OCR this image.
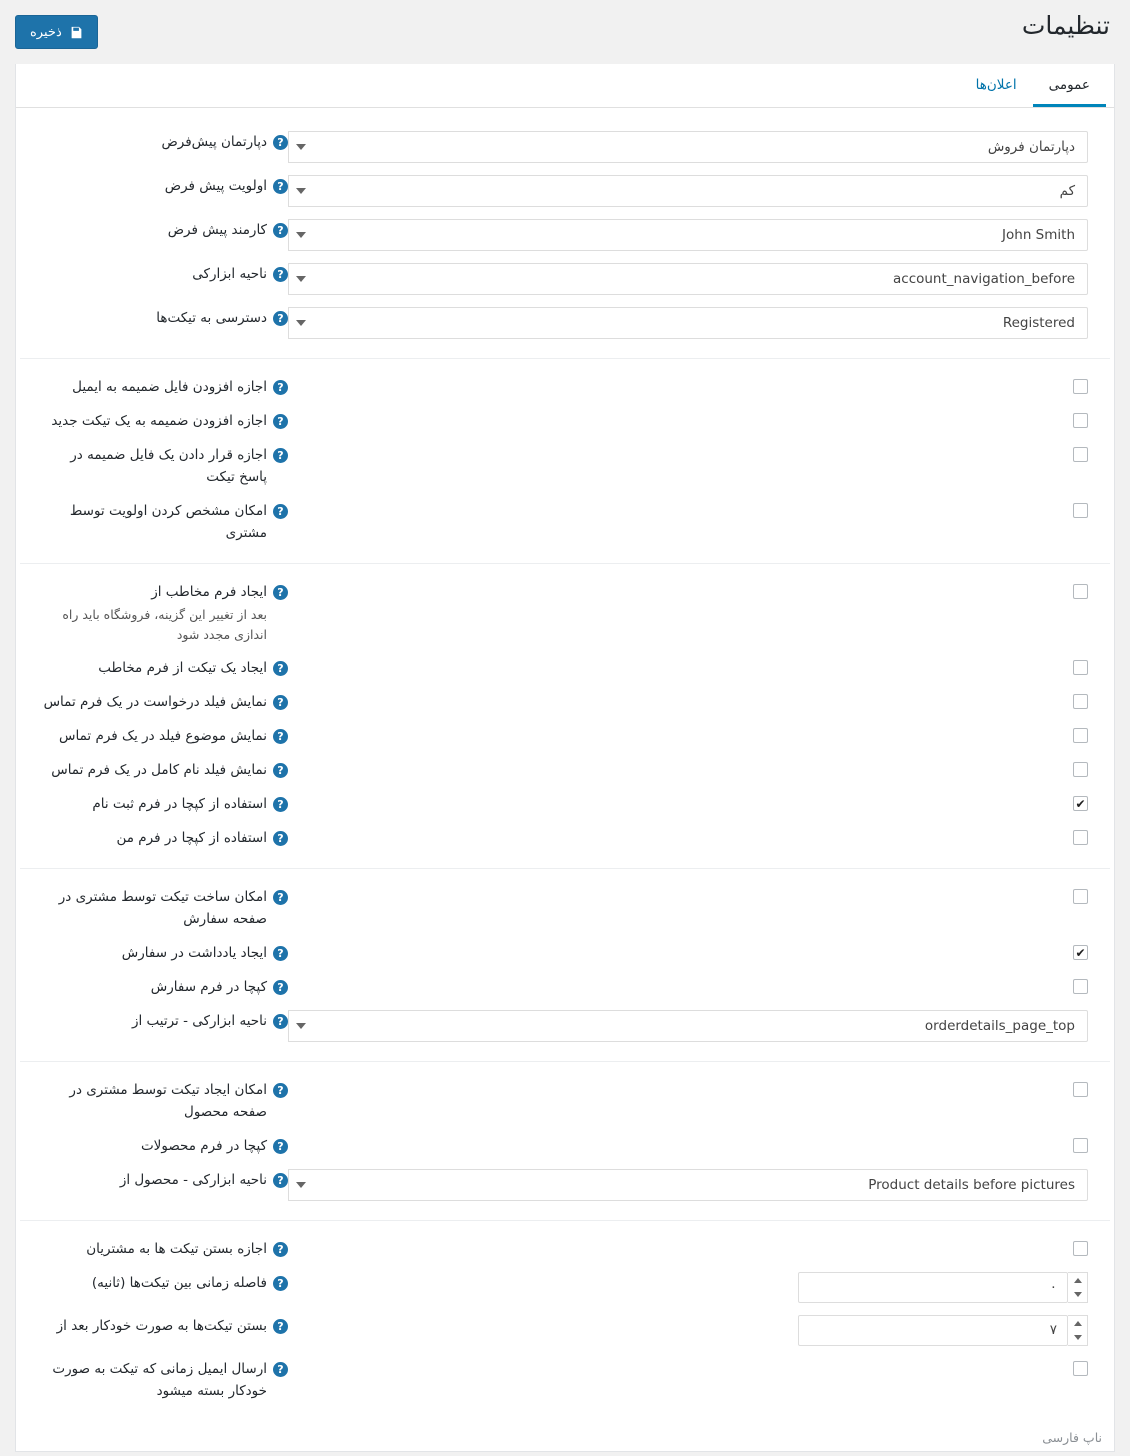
تنظیمات
ذخیره
عمومی
اعلان‌ها
دپارتمان فروش
?
دپارتمان پیش‌فرض
کم
?
اولویت پیش فرض
John Smith
?
کارمند پیش فرض
account_navigation_before
?
ناحیه ابزارکی
Registered
?
دسترسی به تیکت‌ها
?
اجازه افزودن فایل ضمیمه به ایمیل
?
اجازه افزودن ضمیمه به یک تیکت جدید
?
اجازه قرار دادن یک فایل ضمیمه در پاسخ تیکت
?
امکان مشخص کردن اولویت توسط مشتری
?
ایجاد فرم مخاطب از
بعد از تغییر این گزینه، فروشگاه باید راه اندازی مجدد شود
?
ایجاد یک تیکت از فرم مخاطب
?
نمایش فیلد درخواست در یک فرم تماس
?
نمایش موضوع فیلد در یک فرم تماس
?
نمایش فیلد نام کامل در یک فرم تماس
✔
?
استفاده از کپچا در فرم ثبت نام
?
استفاده از کپچا در فرم من
?
امکان ساخت تیکت توسط مشتری در صفحه سفارش
✔
?
ایجاد یادداشت در سفارش
?
کپچا در فرم سفارش
orderdetails_page_top
?
ناحیه ابزارکی - ترتیب از
?
امکان ایجاد تیکت توسط مشتری در صفحه محصول
?
کپچا در فرم محصولات
Product details before pictures
?
ناحیه ابزارکی - محصول از
?
اجازه بستن تیکت ها به مشتریان
۰
?
فاصله زمانی بین تیکت‌ها (ثانیه)
۷
?
بستن تیکت‌ها به صورت خودکار بعد از
?
ارسال ایمیل زمانی که تیکت به صورت خودکار بسته میشود
ناپ فارسی
